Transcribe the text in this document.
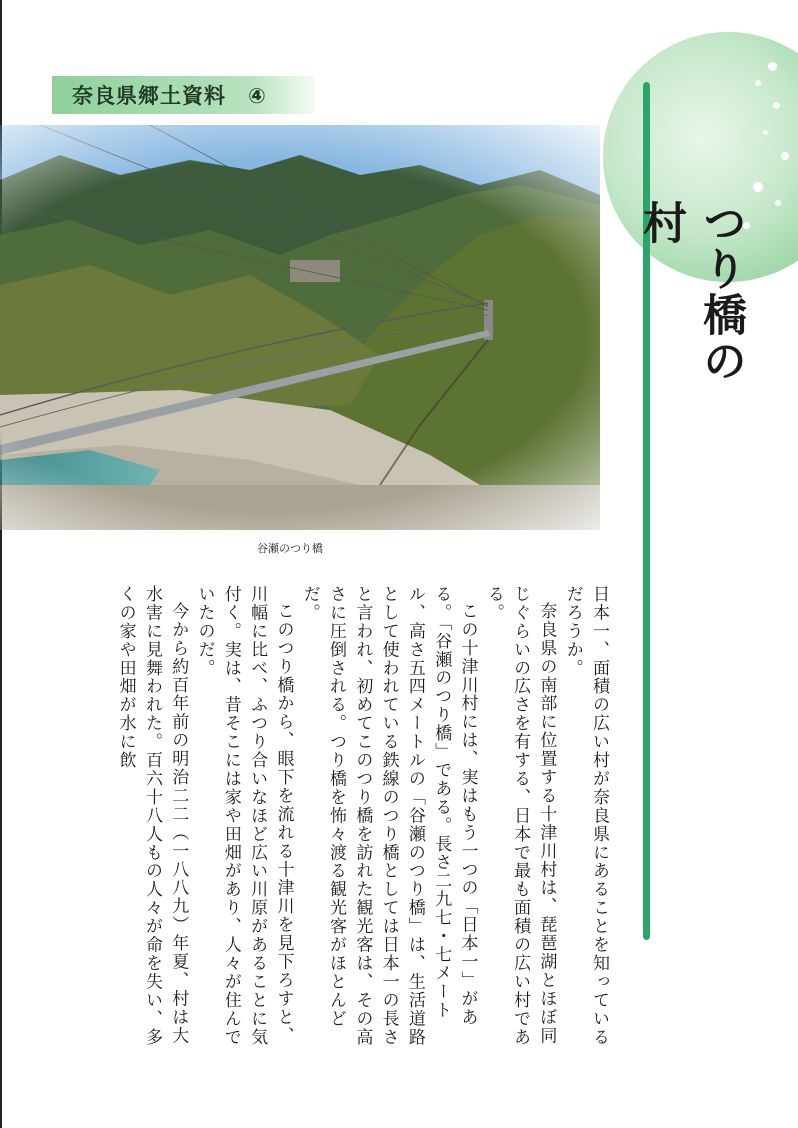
奈良県郷土資料　④
つり橋の村
谷瀬のつり橋

日本一、面積の広い村が奈良県にあることを知っているだろうか。

奈良県の南部に位置する十津川村は、琵琶湖とほぼ同じぐらいの広さを有する、日本で最も面積の広い村である。

この十津川村には、実はもう一つの「日本一」がある。「谷瀬のつり橋」である。長さ二九七・七メートル、高さ五四メートルの「谷瀬のつり橋」は、生活道路として使われている鉄線のつり橋としては日本一の長さと言われ、初めてこのつり橋を訪れた観光客は、その高さに圧倒される。つり橋を怖々渡る観光客がほとんどだ。

このつり橋から、眼下を流れる十津川を見下ろすと、川幅に比べ、ふつり合いなほど広い川原があることに気付く。実は、昔そこには家や田畑があり、人々が住んでいたのだ。

今から約百年前の明治二二（一八八九）年夏、村は大水害に見舞われた。百六十八人もの人々が命を失い、多くの家や田畑が水に飲
